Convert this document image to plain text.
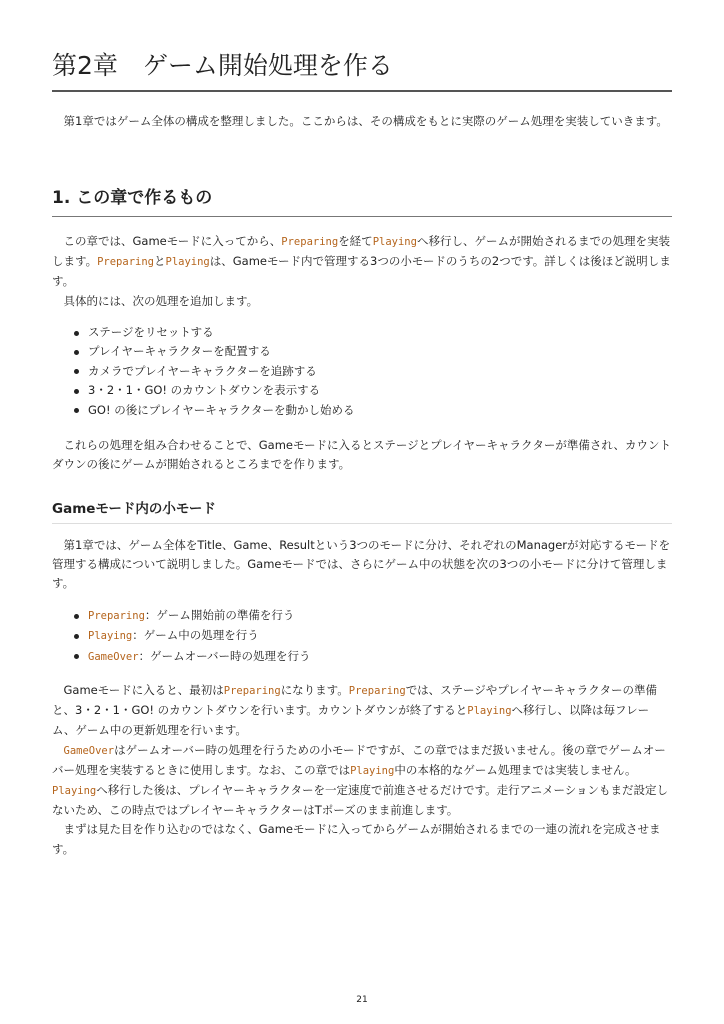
第2章　ゲーム開始処理を作る

第1章ではゲーム全体の構成を整理しました。ここからは、その構成をもとに実際のゲーム処理を実装していきます。

1. この章で作るもの

この章では、Gameモードに入ってから、Preparingを経てPlayingへ移行し、ゲームが開始されるまでの処理を実装します。PreparingとPlayingは、Gameモード内で管理する3つの小モードのうちの2つです。詳しくは後ほど説明します。

具体的には、次の処理を追加します。

ステージをリセットする
プレイヤーキャラクターを配置する
カメラでプレイヤーキャラクターを追跡する
3・2・1・GO! のカウントダウンを表示する
GO! の後にプレイヤーキャラクターを動かし始める

これらの処理を組み合わせることで、Gameモードに入るとステージとプレイヤーキャラクターが準備され、カウントダウンの後にゲームが開始されるところまでを作ります。

Gameモード内の小モード

第1章では、ゲーム全体をTitle、Game、Resultという3つのモードに分け、それぞれのManagerが対応するモードを管理する構成について説明しました。Gameモードでは、さらにゲーム中の状態を次の3つの小モードに分けて管理します。

Preparing：ゲーム開始前の準備を行う
Playing：ゲーム中の処理を行う
GameOver：ゲームオーバー時の処理を行う

Gameモードに入ると、最初はPreparingになります。Preparingでは、ステージやプレイヤーキャラクターの準備と、3・2・1・GO! のカウントダウンを行います。カウントダウンが終了するとPlayingへ移行し、以降は毎フレーム、ゲーム中の更新処理を行います。

GameOverはゲームオーバー時の処理を行うための小モードですが、この章ではまだ扱いません。後の章でゲームオーバー処理を実装するときに使用します。なお、この章ではPlaying中の本格的なゲーム処理までは実装しません。Playingへ移行した後は、プレイヤーキャラクターを一定速度で前進させるだけです。走行アニメーションもまだ設定しないため、この時点ではプレイヤーキャラクターはTポーズのまま前進します。

まずは見た目を作り込むのではなく、Gameモードに入ってからゲームが開始されるまでの一連の流れを完成させます。

21
